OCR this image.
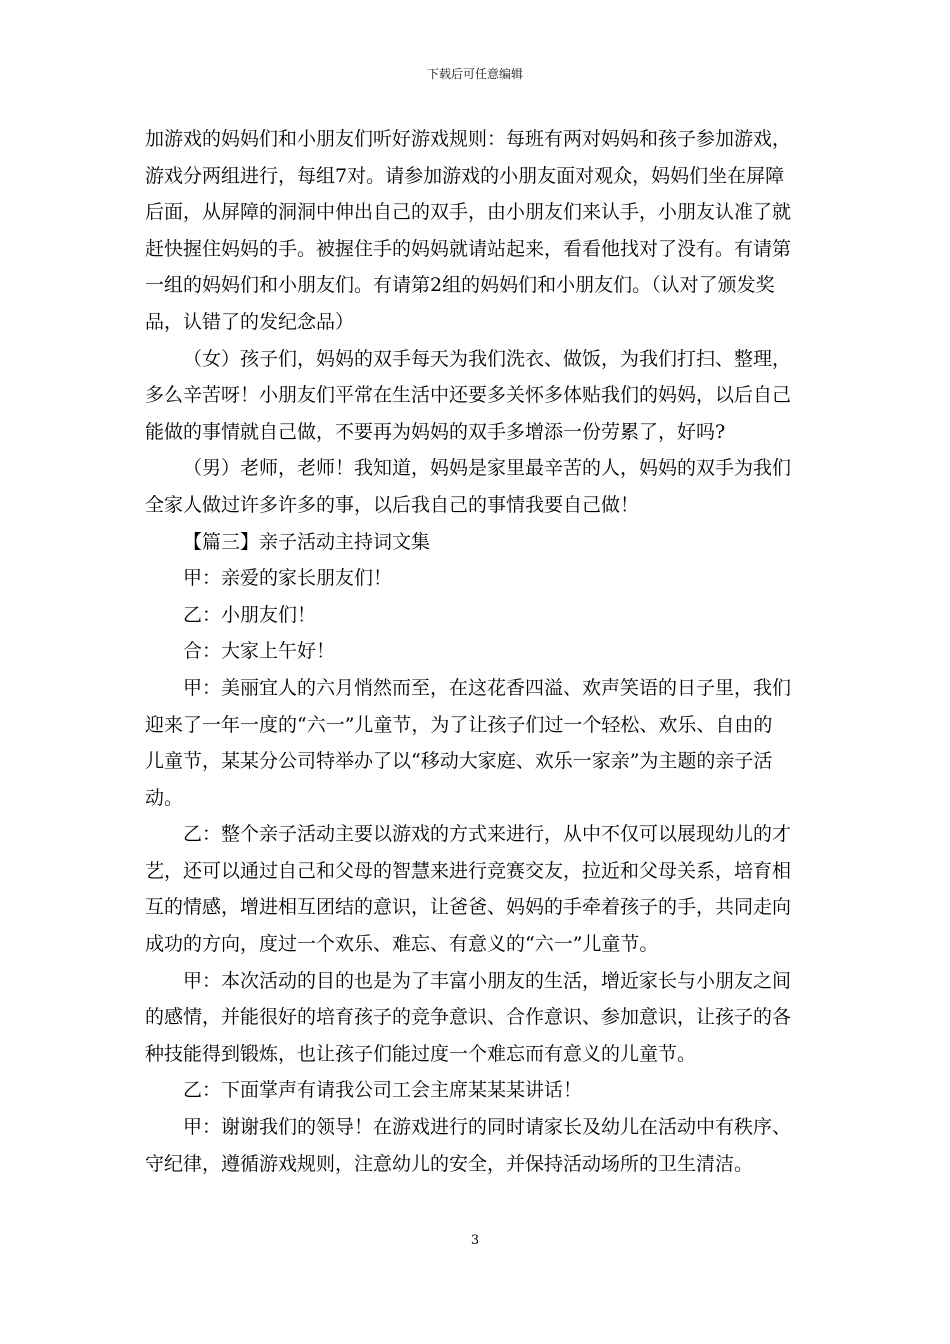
下载后可任意编辑
加游戏的妈妈们和小朋友们听好游戏规则：每班有两对妈妈和孩子参加游戏，
游戏分两组进行，每组7对。请参加游戏的小朋友面对观众，妈妈们坐在屏障
后面，从屏障的洞洞中伸出自己的双手，由小朋友们来认手，小朋友认准了就
赶快握住妈妈的手。被握住手的妈妈就请站起来，看看他找对了没有。有请第
一组的妈妈们和小朋友们。有请第2组的妈妈们和小朋友们。（认对了颁发奖
品，认错了的发纪念品）
（女）孩子们，妈妈的双手每天为我们洗衣、做饭，为我们打扫、整理，
多么辛苦呀！小朋友们平常在生活中还要多关怀多体贴我们的妈妈，以后自己
能做的事情就自己做，不要再为妈妈的双手多增添一份劳累了，好吗?
（男）老师，老师！我知道，妈妈是家里最辛苦的人，妈妈的双手为我们
全家人做过许多许多的事，以后我自己的事情我要自己做！
【篇三】亲子活动主持词文集
甲：亲爱的家长朋友们！
乙：小朋友们！
合：大家上午好！
甲：美丽宜人的六月悄然而至，在这花香四溢、欢声笑语的日子里，我们
迎来了一年一度的“六一”儿童节，为了让孩子们过一个轻松、欢乐、自由的
儿童节，某某分公司特举办了以“移动大家庭、欢乐一家亲”为主题的亲子活
动。
乙：整个亲子活动主要以游戏的方式来进行，从中不仅可以展现幼儿的才
艺，还可以通过自己和父母的智慧来进行竞赛交友，拉近和父母关系，培育相
互的情感，增进相互团结的意识，让爸爸、妈妈的手牵着孩子的手，共同走向
成功的方向，度过一个欢乐、难忘、有意义的“六一”儿童节。
甲：本次活动的目的也是为了丰富小朋友的生活，增近家长与小朋友之间
的感情，并能很好的培育孩子的竞争意识、合作意识、参加意识，让孩子的各
种技能得到锻炼，也让孩子们能过度一个难忘而有意义的儿童节。
乙：下面掌声有请我公司工会主席某某某讲话！
甲：谢谢我们的领导！在游戏进行的同时请家长及幼儿在活动中有秩序、
守纪律，遵循游戏规则，注意幼儿的安全，并保持活动场所的卫生清洁。
3
